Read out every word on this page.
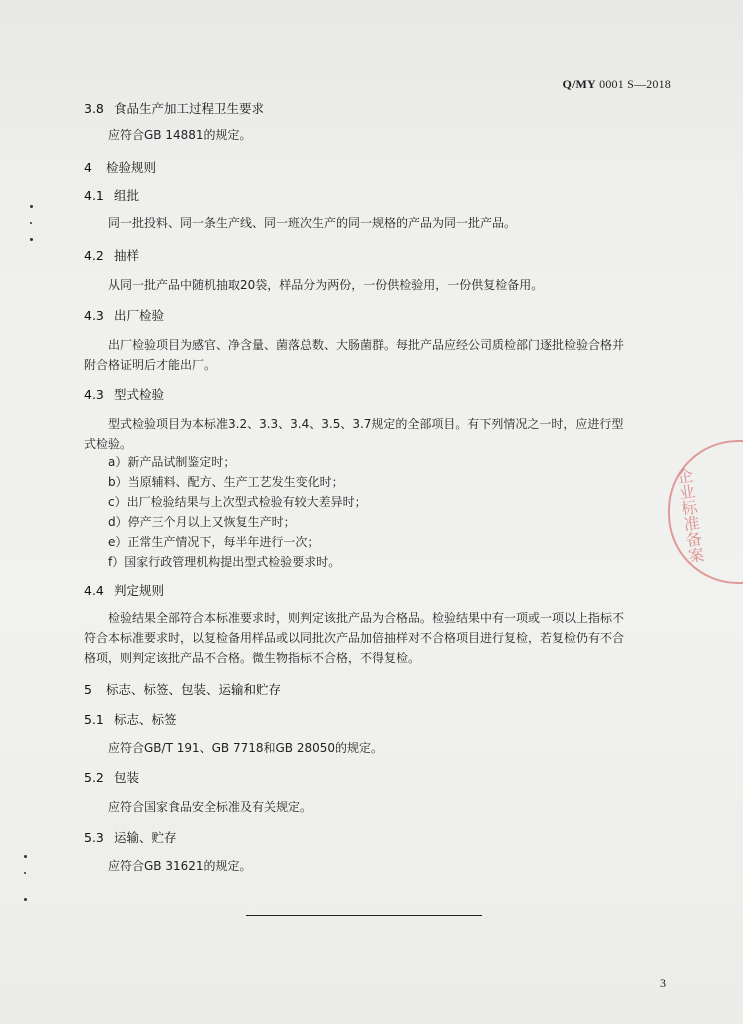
Q/MY 0001 S—2018
3.8 食品生产加工过程卫生要求
应符合GB 14881的规定。
4 检验规则
4.1 组批
同一批投料、同一条生产线、同一班次生产的同一规格的产品为同一批产品。
4.2 抽样
从同一批产品中随机抽取20袋，样品分为两份，一份供检验用，一份供复检备用。
4.3 出厂检验
出厂检验项目为感官、净含量、菌落总数、大肠菌群。每批产品应经公司质检部门逐批检验合格并
附合格证明后才能出厂。
4.3 型式检验
型式检验项目为本标准3.2、3.3、3.4、3.5、3.7规定的全部项目。有下列情况之一时，应进行型
式检验。
a）新产品试制鉴定时；
b）当原辅料、配方、生产工艺发生变化时；
c）出厂检验结果与上次型式检验有较大差异时；
d）停产三个月以上又恢复生产时；
e）正常生产情况下，每半年进行一次；
f）国家行政管理机构提出型式检验要求时。
4.4 判定规则
检验结果全部符合本标准要求时，则判定该批产品为合格品。检验结果中有一项或一项以上指标不
符合本标准要求时，以复检备用样品或以同批次产品加倍抽样对不合格项目进行复检，若复检仍有不合
格项，则判定该批产品不合格。微生物指标不合格，不得复检。
5 标志、标签、包装、运输和贮存
5.1 标志、标签
应符合GB/T 191、GB 7718和GB 28050的规定。
5.2 包装
应符合国家食品安全标准及有关规定。
5.3 运输、贮存
应符合GB 31621的规定。
3
企业标准备案
